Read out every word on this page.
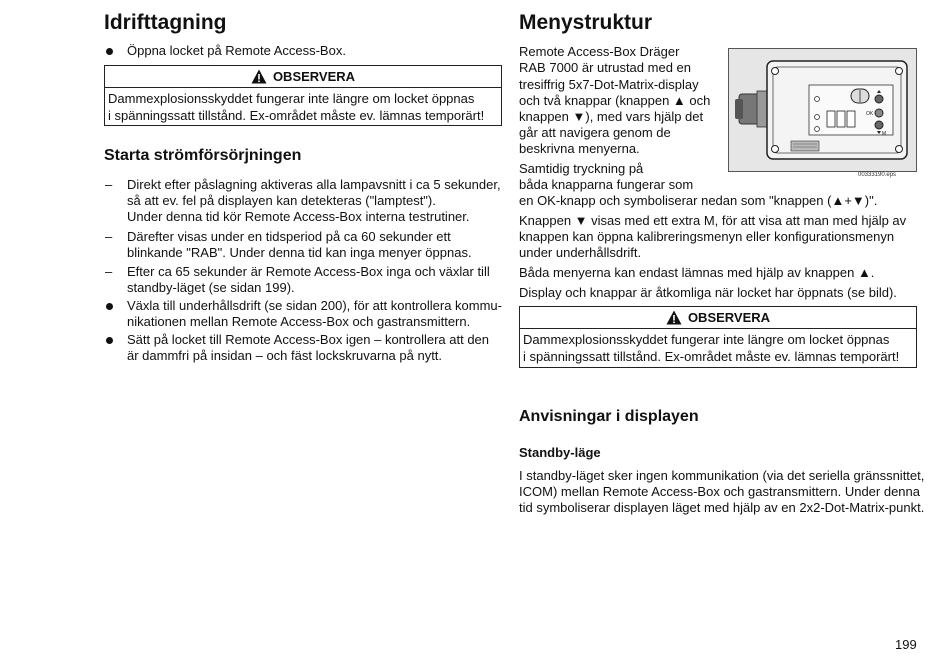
Idrifttagning
Öppna locket på Remote Access-Box.
OBSERVERA
Dammexplosionsskyddet fungerar inte längre om locket öppnas
i spänningssatt tillstånd. Ex-området måste ev. lämnas temporärt!
Starta strömförsörjningen
– Direkt efter påslagning aktiveras alla lampavsnitt i ca 5 sekunder,
så att ev. fel på displayen kan detekteras ("lamptest").
Under denna tid kör Remote Access-Box interna testrutiner.
– Därefter visas under en tidsperiod på ca 60 sekunder ett
blinkande "RAB". Under denna tid kan inga menyer öppnas.
– Efter ca 65 sekunder är Remote Access-Box inga och växlar till
standby-läget (se sidan 199).
Växla till underhållsdrift (se sidan 200), för att kontrollera kommu-
nikationen mellan Remote Access-Box och gastransmittern.
Sätt på locket till Remote Access-Box igen – kontrollera att den
är dammfri på insidan – och fäst lockskruvarna på nytt.
Menystruktur
Remote Access-Box Dräger
RAB 7000 är utrustad med en
tresiffrig 5x7-Dot-Matrix-display
och två knappar (knappen ▲ och
knappen ▼), med vars hjälp det
går att navigera genom de
beskrivna menyerna.
Samtidig tryckning på
båda knapparna fungerar som
en OK-knapp och symboliserar nedan som "knappen (▲+▼)".
Knappen ▼ visas med ett extra M, för att visa att man med hjälp av
knappen kan öppna kalibreringsmenyn eller konfigurationsmenyn
under underhållsdrift.
Båda menyerna kan endast lämnas med hjälp av knappen ▲.
Display och knappar är åtkomliga när locket har öppnats (se bild).
OBSERVERA
Dammexplosionsskyddet fungerar inte längre om locket öppnas
i spänningssatt tillstånd. Ex-området måste ev. lämnas temporärt!
Anvisningar i displayen
Standby-läge
I standby-läget sker ingen kommunikation (via det seriella gränssnittet,
ICOM) mellan Remote Access-Box och gastransmittern. Under denna
tid symboliserar displayen läget med hjälp av en 2x2-Dot-Matrix-punkt.
OK
M
00333190.eps
199
